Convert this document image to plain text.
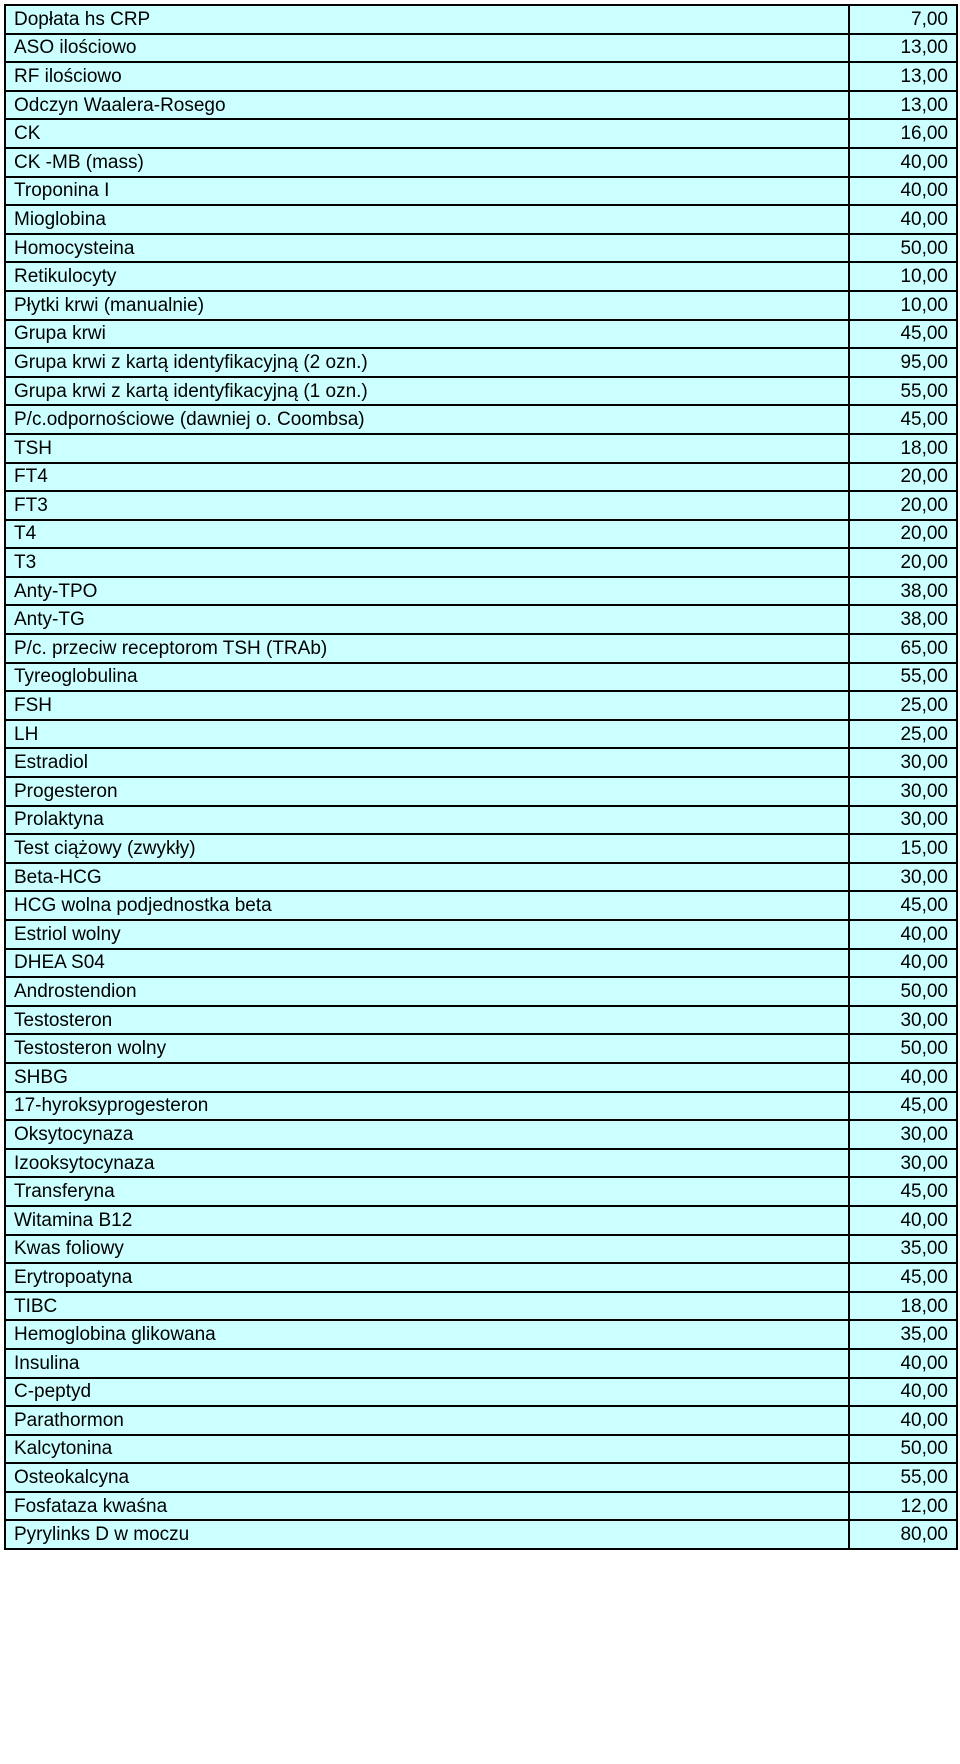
Dopłata hs CRP	7,00
ASO ilościowo	13,00
RF ilościowo	13,00
Odczyn Waalera-Rosego	13,00
CK	16,00
CK -MB (mass)	40,00
Troponina I	40,00
Mioglobina	40,00
Homocysteina	50,00
Retikulocyty	10,00
Płytki krwi (manualnie)	10,00
Grupa krwi	45,00
Grupa krwi z kartą identyfikacyjną (2 ozn.)	95,00
Grupa krwi z kartą identyfikacyjną (1 ozn.)	55,00
P/c.odpornościowe (dawniej o. Coombsa)	45,00
TSH	18,00
FT4	20,00
FT3	20,00
T4	20,00
T3	20,00
Anty-TPO	38,00
Anty-TG	38,00
P/c. przeciw receptorom TSH (TRAb)	65,00
Tyreoglobulina	55,00
FSH	25,00
LH	25,00
Estradiol	30,00
Progesteron	30,00
Prolaktyna	30,00
Test ciążowy (zwykły)	15,00
Beta-HCG	30,00
HCG wolna podjednostka beta	45,00
Estriol wolny	40,00
DHEA S04	40,00
Androstendion	50,00
Testosteron	30,00
Testosteron wolny	50,00
SHBG	40,00
17-hyroksyprogesteron	45,00
Oksytocynaza	30,00
Izooksytocynaza	30,00
Transferyna	45,00
Witamina B12	40,00
Kwas foliowy	35,00
Erytropoatyna	45,00
TIBC	18,00
Hemoglobina glikowana	35,00
Insulina	40,00
C-peptyd	40,00
Parathormon	40,00
Kalcytonina	50,00
Osteokalcyna	55,00
Fosfataza kwaśna	12,00
Pyrylinks D w moczu	80,00
